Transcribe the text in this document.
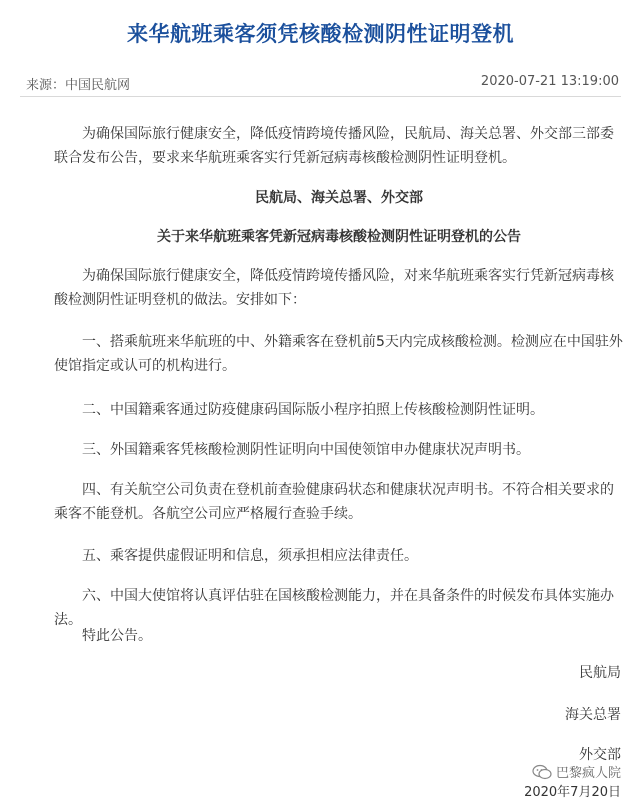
来华航班乘客须凭核酸检测阴性证明登机
来源：中国民航网	2020-07-21 13:19:00

为确保国际旅行健康安全，降低疫情跨境传播风险，民航局、海关总署、外交部三部委联合发布公告，要求来华航班乘客实行凭新冠病毒核酸检测阴性证明登机。

民航局、海关总署、外交部

关于来华航班乘客凭新冠病毒核酸检测阴性证明登机的公告

为确保国际旅行健康安全，降低疫情跨境传播风险，对来华航班乘客实行凭新冠病毒核酸检测阴性证明登机的做法。安排如下：

一、搭乘航班来华航班的中、外籍乘客在登机前5天内完成核酸检测。检测应在中国驻外使馆指定或认可的机构进行。

二、中国籍乘客通过防疫健康码国际版小程序拍照上传核酸检测阴性证明。

三、外国籍乘客凭核酸检测阴性证明向中国使领馆申办健康状况声明书。

四、有关航空公司负责在登机前查验健康码状态和健康状况声明书。不符合相关要求的乘客不能登机。各航空公司应严格履行查验手续。

五、乘客提供虚假证明和信息，须承担相应法律责任。

六、中国大使馆将认真评估驻在国核酸检测能力，并在具备条件的时候发布具体实施办法。

特此公告。

民航局
海关总署
外交部
巴黎疯人院
2020年7月20日
